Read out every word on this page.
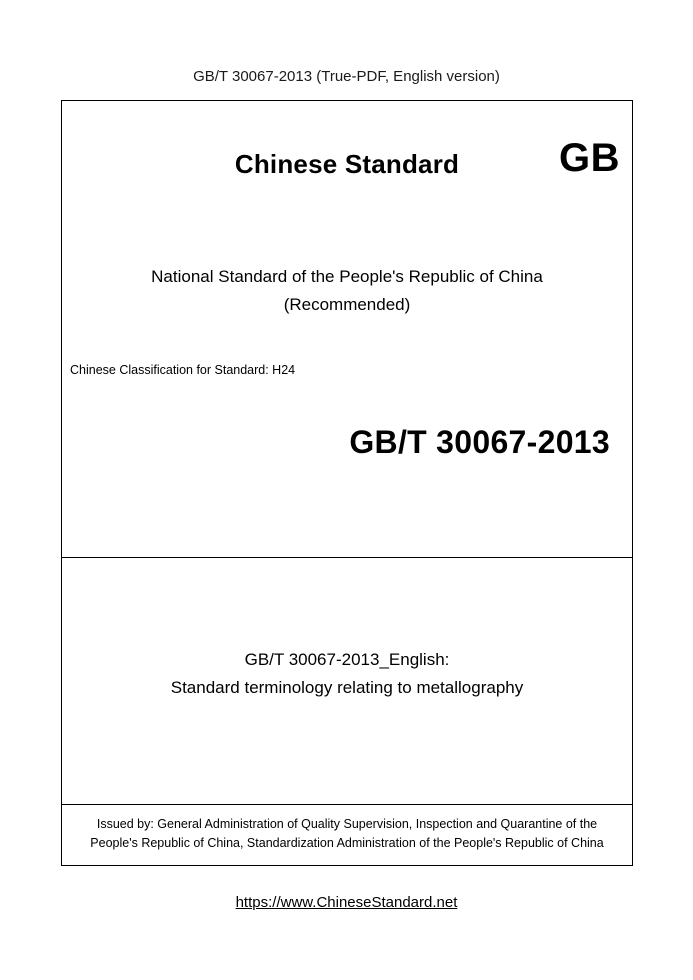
GB/T 30067-2013 (True-PDF, English version)
Chinese Standard	GB
National Standard of the People's Republic of China
(Recommended)
Chinese Classification for Standard: H24
GB/T 30067-2013
GB/T 30067-2013_English:
Standard terminology relating to metallography
Issued by: General Administration of Quality Supervision, Inspection and Quarantine of the People's Republic of China, Standardization Administration of the People's Republic of China
https://www.ChineseStandard.net
